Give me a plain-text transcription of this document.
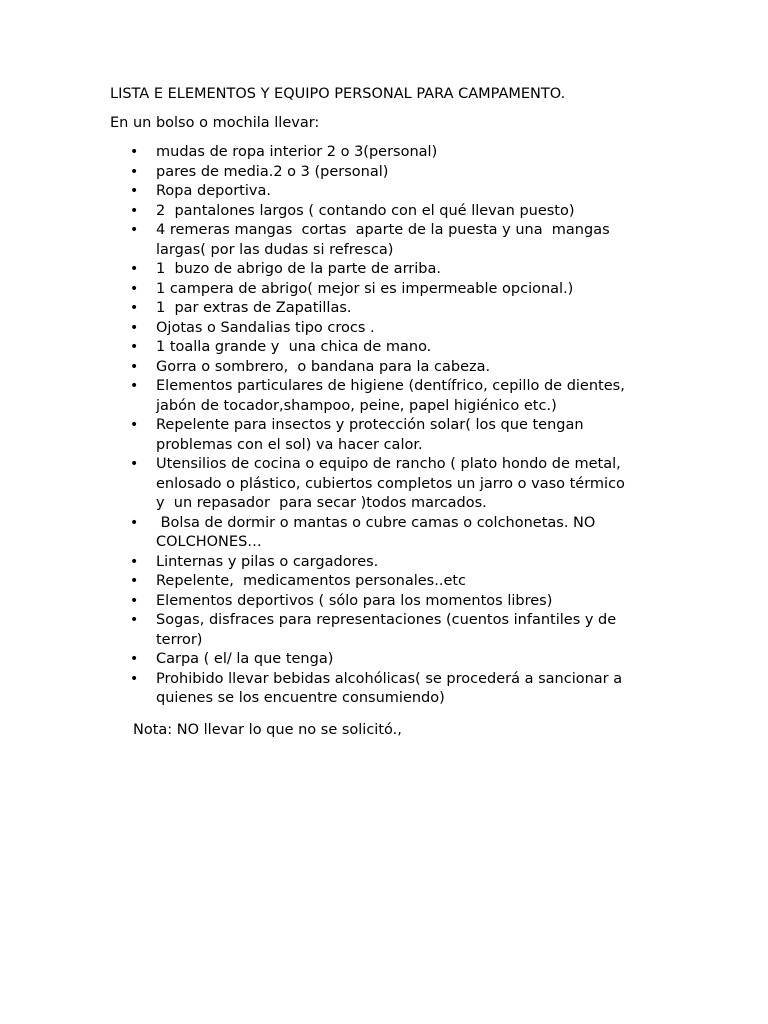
LISTA E ELEMENTOS Y EQUIPO PERSONAL PARA CAMPAMENTO.
En un bolso o mochila llevar:
• mudas de ropa interior 2 o 3(personal)
• pares de media.2 o 3 (personal)
• Ropa deportiva.
• 2  pantalones largos ( contando con el qué llevan puesto)
• 4 remeras mangas  cortas  aparte de la puesta y una  mangas
largas( por las dudas si refresca)
• 1  buzo de abrigo de la parte de arriba.
• 1 campera de abrigo( mejor si es impermeable opcional.)
• 1  par extras de Zapatillas.
• Ojotas o Sandalias tipo crocs .
• 1 toalla grande y  una chica de mano.
• Gorra o sombrero,  o bandana para la cabeza.
• Elementos particulares de higiene (dentífrico, cepillo de dientes,
jabón de tocador,shampoo, peine, papel higiénico etc.)
• Repelente para insectos y protección solar( los que tengan
problemas con el sol) va hacer calor.
• Utensilios de cocina o equipo de rancho ( plato hondo de metal,
enlosado o plástico, cubiertos completos un jarro o vaso térmico
y  un repasador  para secar )todos marcados.
• Bolsa de dormir o mantas o cubre camas o colchonetas. NO
COLCHONES…
• Linternas y pilas o cargadores.
• Repelente,  medicamentos personales..etc
• Elementos deportivos ( sólo para los momentos libres)
• Sogas, disfraces para representaciones (cuentos infantiles y de
terror)
• Carpa ( el/ la que tenga)
• Prohibido llevar bebidas alcohólicas( se procederá a sancionar a
quienes se los encuentre consumiendo)
Nota: NO llevar lo que no se solicitó.,
